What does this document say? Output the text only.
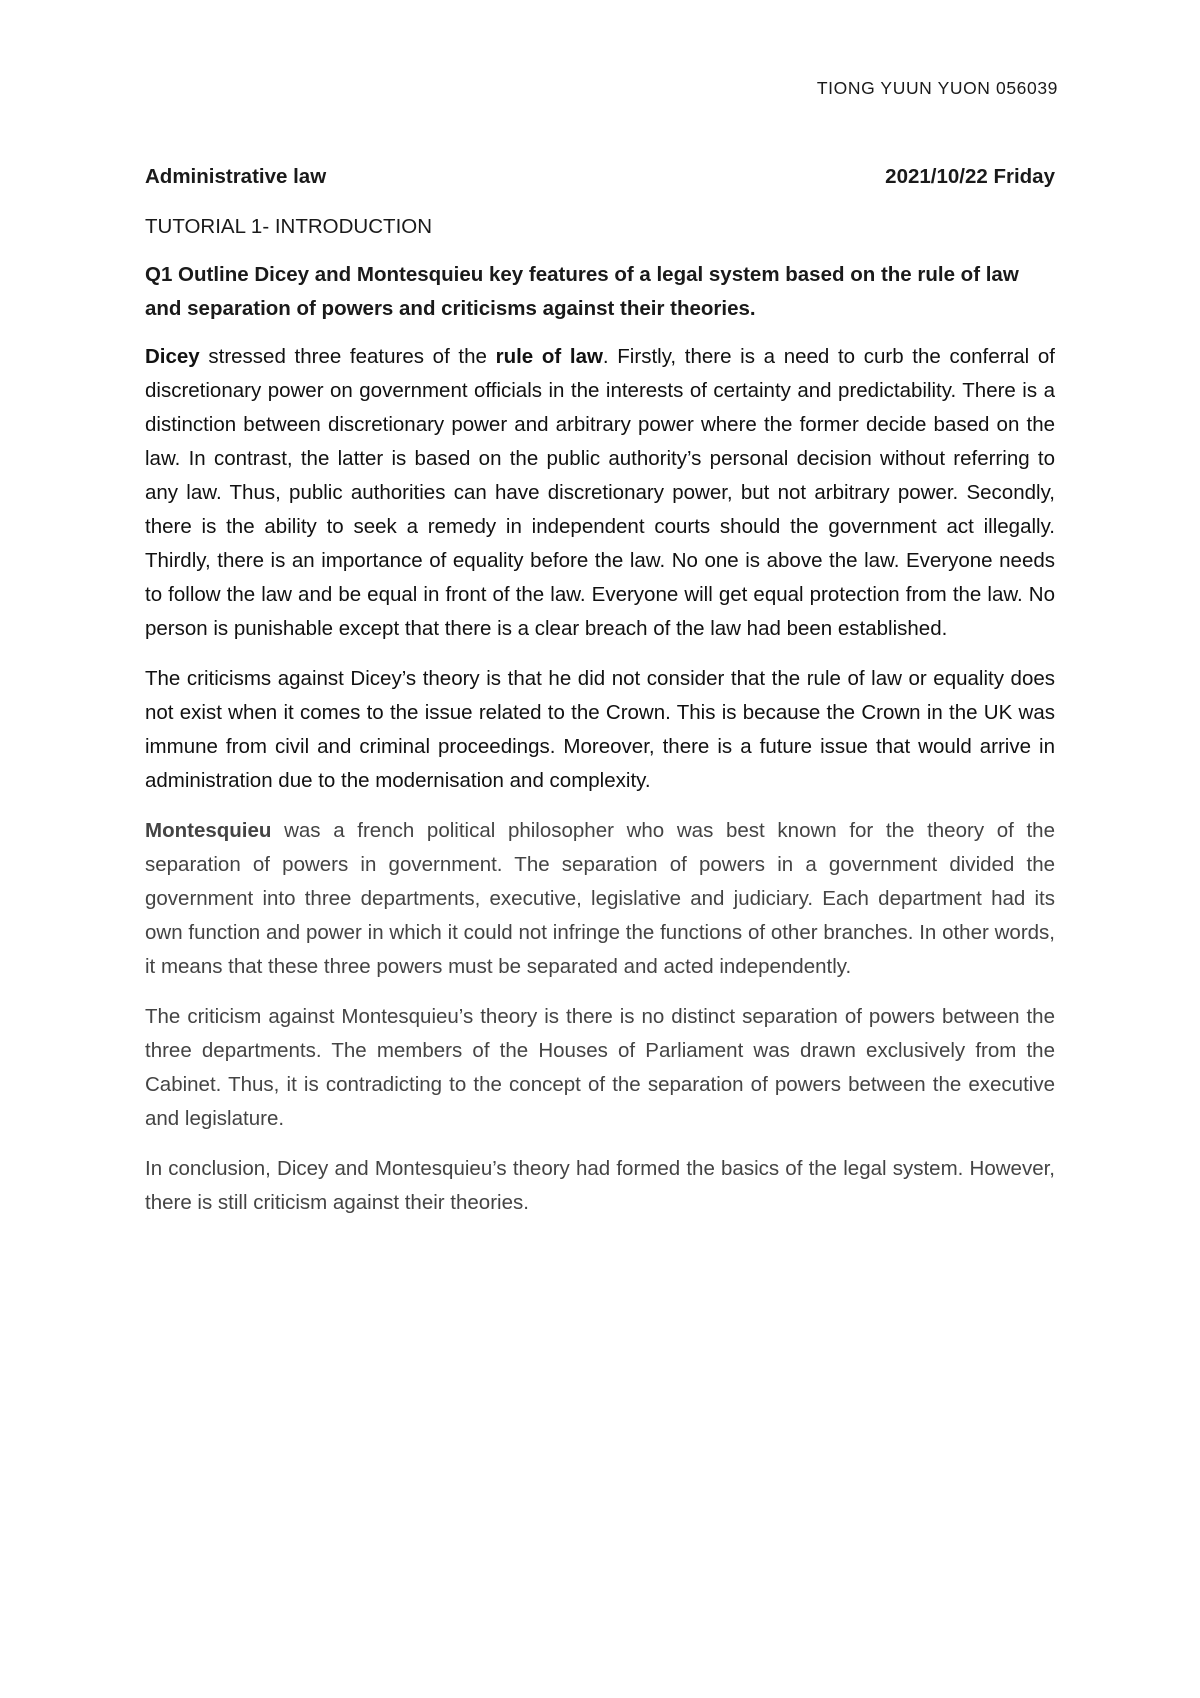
TIONG YUUN YUON 056039
Administrative law	2021/10/22 Friday
TUTORIAL 1- INTRODUCTION
Q1 Outline Dicey and Montesquieu key features of a legal system based on the rule of law and separation of powers and criticisms against their theories.

Dicey stressed three features of the rule of law. Firstly, there is a need to curb the conferral of discretionary power on government officials in the interests of certainty and predictability. There is a distinction between discretionary power and arbitrary power where the former decide based on the law. In contrast, the latter is based on the public authority’s personal decision without referring to any law. Thus, public authorities can have discretionary power, but not arbitrary power. Secondly, there is the ability to seek a remedy in independent courts should the government act illegally. Thirdly, there is an importance of equality before the law. No one is above the law. Everyone needs to follow the law and be equal in front of the law. Everyone will get equal protection from the law. No person is punishable except that there is a clear breach of the law had been established.

The criticisms against Dicey’s theory is that he did not consider that the rule of law or equality does not exist when it comes to the issue related to the Crown. This is because the Crown in the UK was immune from civil and criminal proceedings. Moreover, there is a future issue that would arrive in administration due to the modernisation and complexity.

Montesquieu was a french political philosopher who was best known for the theory of the separation of powers in government. The separation of powers in a government divided the government into three departments, executive, legislative and judiciary. Each department had its own function and power in which it could not infringe the functions of other branches. In other words, it means that these three powers must be separated and acted independently.

The criticism against Montesquieu’s theory is there is no distinct separation of powers between the three departments. The members of the Houses of Parliament was drawn exclusively from the Cabinet. Thus, it is contradicting to the concept of the separation of powers between the executive and legislature.

In conclusion, Dicey and Montesquieu’s theory had formed the basics of the legal system. However, there is still criticism against their theories.
